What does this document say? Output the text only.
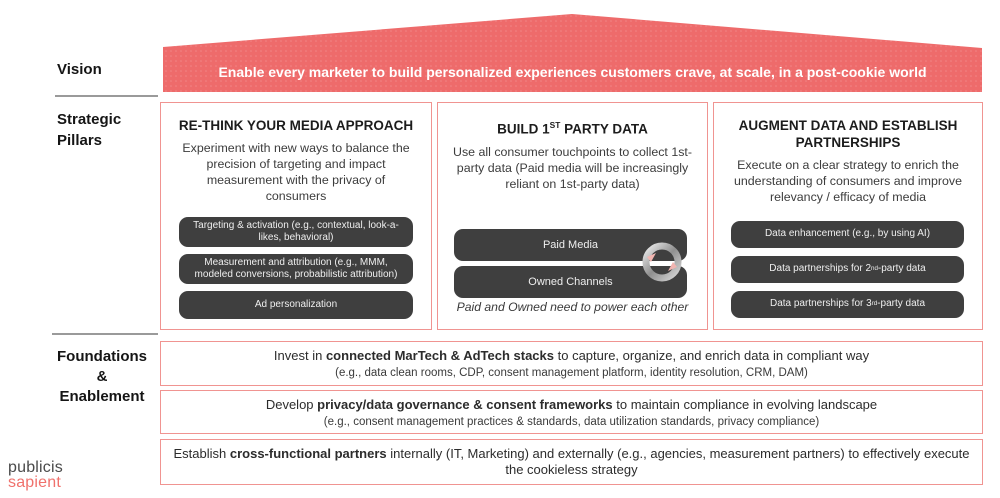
Enable every marketer to build personalized experiences customers crave, at scale, in a post-cookie world
Vision
Strategic
Pillars
Foundations
&
Enablement
RE-THINK YOUR MEDIA APPROACH
Experiment with new ways to balance the precision of targeting and impact measurement with the privacy of consumers
Targeting & activation (e.g., contextual, look-a-likes, behavioral)
Measurement and attribution (e.g., MMM, modeled conversions, probabilistic attribution)
Ad personalization
BUILD 1ST PARTY DATA
Use all consumer touchpoints to collect 1st-party data (Paid media will be increasingly reliant on 1st-party data)
Paid Media
Owned Channels
Paid and Owned need to power each other
AUGMENT DATA AND ESTABLISH PARTNERSHIPS
Execute on a clear strategy to enrich the understanding of consumers and improve relevancy / efficacy of media
Data enhancement (e.g., by using AI)
Data partnerships for 2 nd -party data
Data partnerships for 3 rd -party data
Invest in connected MarTech & AdTech stacks to capture, organize, and enrich data in compliant way
(e.g., data clean rooms, CDP, consent management platform, identity resolution, CRM, DAM)
Develop privacy/data governance & consent frameworks to maintain compliance in evolving landscape
(e.g., consent management practices & standards, data utilization standards, privacy compliance)
Establish cross-functional partners internally (IT, Marketing) and externally (e.g., agencies, measurement partners) to effectively execute the cookieless strategy
publicis
sapient
